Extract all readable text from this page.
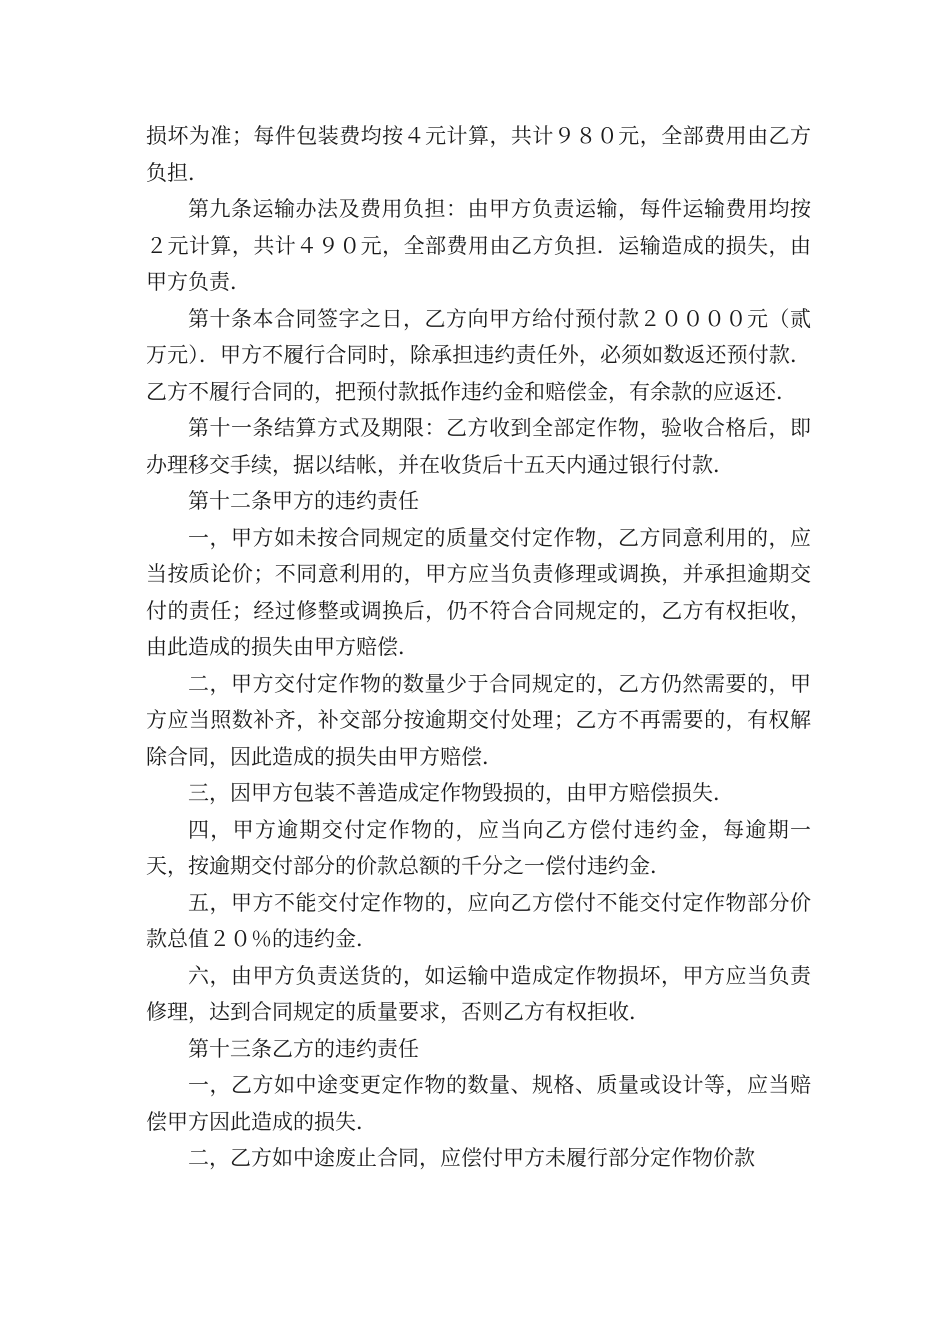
损坏为准；每件包装费均按４元计算，共计９８０元，全部费用由乙方负担．

第九条运输办法及费用负担：由甲方负责运输，每件运输费用均按２元计算，共计４９０元，全部费用由乙方负担．运输造成的损失，由甲方负责．

第十条本合同签字之日，乙方向甲方给付预付款２００００元（贰万元）．甲方不履行合同时，除承担违约责任外，必须如数返还预付款．乙方不履行合同的，把预付款抵作违约金和赔偿金，有余款的应返还．

第十一条结算方式及期限：乙方收到全部定作物，验收合格后，即办理移交手续，据以结帐，并在收货后十五天内通过银行付款．

第十二条甲方的违约责任

一，甲方如未按合同规定的质量交付定作物，乙方同意利用的，应当按质论价；不同意利用的，甲方应当负责修理或调换，并承担逾期交付的责任；经过修整或调换后，仍不符合合同规定的，乙方有权拒收，由此造成的损失由甲方赔偿．

二，甲方交付定作物的数量少于合同规定的，乙方仍然需要的，甲方应当照数补齐，补交部分按逾期交付处理；乙方不再需要的，有权解除合同，因此造成的损失由甲方赔偿．

三，因甲方包装不善造成定作物毁损的，由甲方赔偿损失．

四，甲方逾期交付定作物的，应当向乙方偿付违约金，每逾期一天，按逾期交付部分的价款总额的千分之一偿付违约金．

五，甲方不能交付定作物的，应向乙方偿付不能交付定作物部分价款总值２０％的违约金．

六，由甲方负责送货的，如运输中造成定作物损坏，甲方应当负责修理，达到合同规定的质量要求，否则乙方有权拒收．

第十三条乙方的违约责任

一，乙方如中途变更定作物的数量、规格、质量或设计等，应当赔偿甲方因此造成的损失．

二，乙方如中途废止合同，应偿付甲方未履行部分定作物价款
